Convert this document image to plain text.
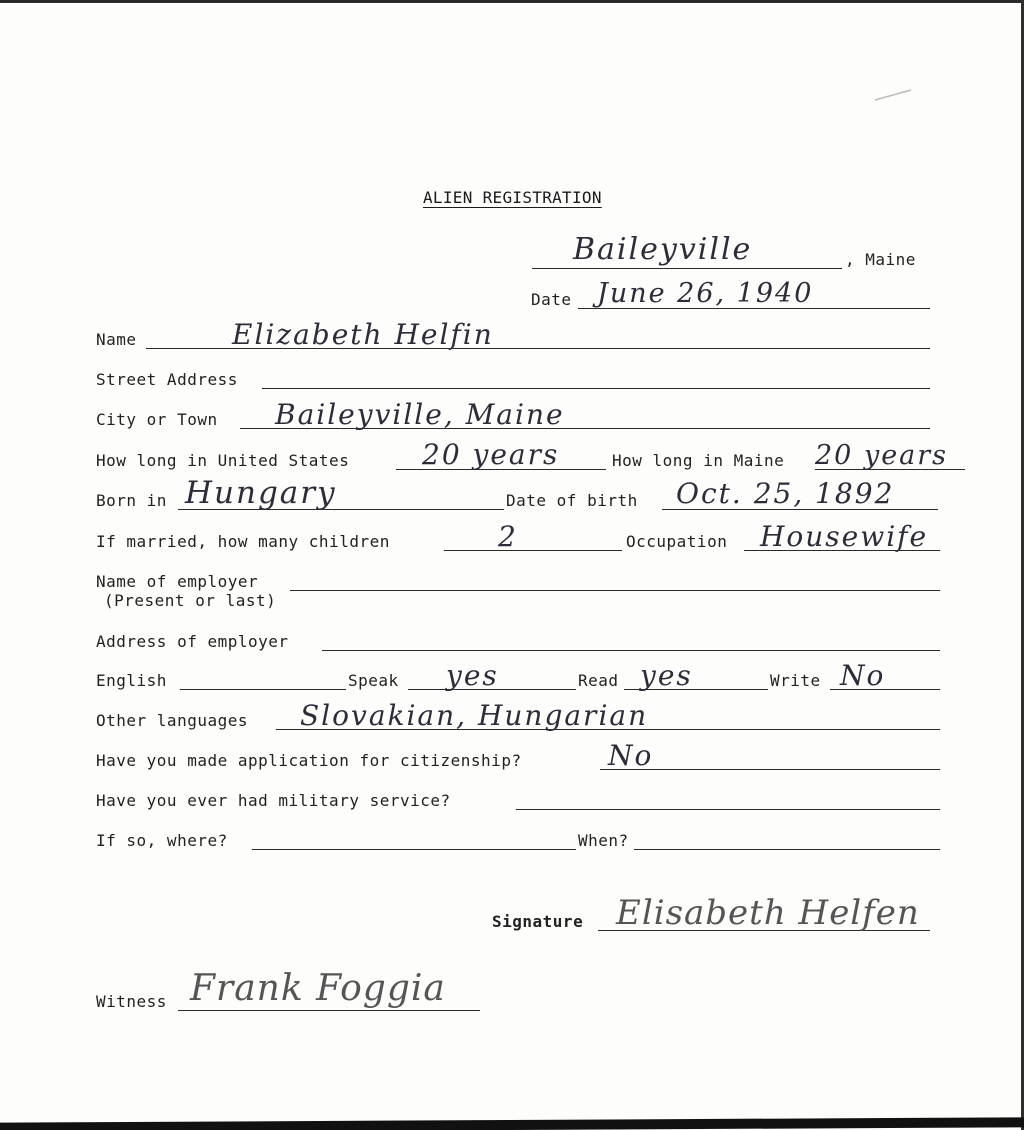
ALIEN REGISTRATION
Baileyville	, Maine
Date June 26, 1940
Name	Elizabeth Helfin
Street Address
City or Town Baileyville, Maine
How long in United States	20 years	How long in Maine 20 years
Born in Hungary	Date of birth Oct. 25, 1892
If married, how many children	2	Occupation Housewife
Name of employer
(Present or last)
Address of employer
English	Speak yes	Read yes	Write No
Other languages Slovakian, Hungarian
Have you made application for citizenship?	No
Have you ever had military service?
If so, where?	When?
Signature Elisabeth Helfen
Witness Frank Foggia
